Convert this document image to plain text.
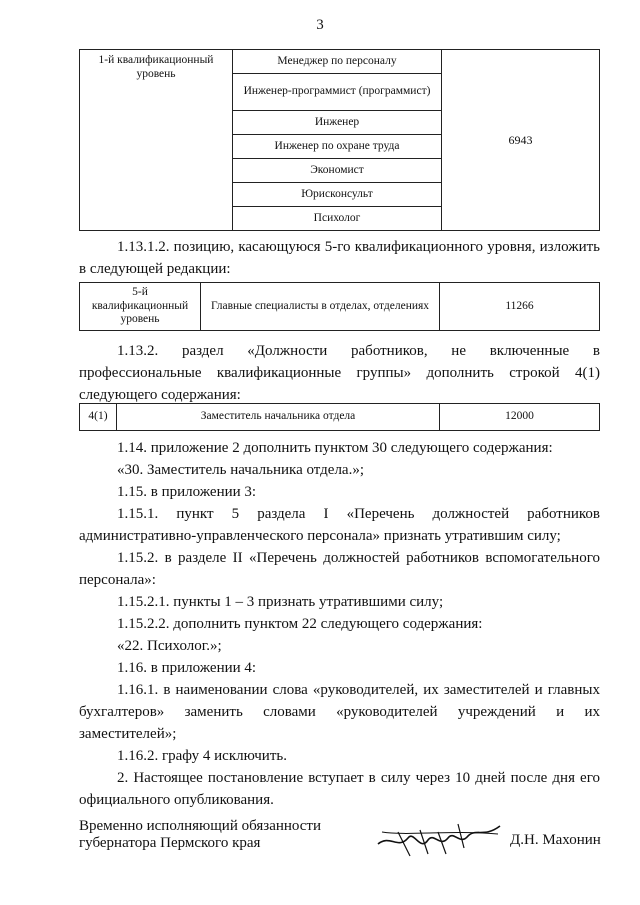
3
1-й квалификационный уровень	Менеджер по персоналу	6943
Инженер-программист (программист)
Инженер
Инженер по охране труда
Экономист
Юрисконсульт
Психолог

1.13.1.2. позицию, касающуюся 5-го квалификационного уровня, изложить в следующей редакции:

5-й квалификационный уровень	Главные специалисты в отделах, отделениях	11266

1.13.2. раздел «Должности работников, не включенные в профессиональные квалификационные группы» дополнить строкой 4(1) следующего содержания:

4(1)	Заместитель начальника отдела	12000

1.14. приложение 2 дополнить пунктом 30 следующего содержания:

«30. Заместитель начальника отдела.»;

1.15. в приложении 3:

1.15.1. пункт 5 раздела I «Перечень должностей работников административно-управленческого персонала» признать утратившим силу;

1.15.2. в разделе II «Перечень должностей работников вспомогательного персонала»:

1.15.2.1. пункты 1 – 3 признать утратившими силу;

1.15.2.2. дополнить пунктом 22 следующего содержания:

«22. Психолог.»;

1.16. в приложении 4:

1.16.1. в наименовании слова «руководителей, их заместителей и главных бухгалтеров» заменить словами «руководителей учреждений и их заместителей»;

1.16.2. графу 4 исключить.

2. Настоящее постановление вступает в силу через 10 дней после дня его официального опубликования.

Временно исполняющий обязанности
губернатора Пермского края	Д.Н. Махонин
